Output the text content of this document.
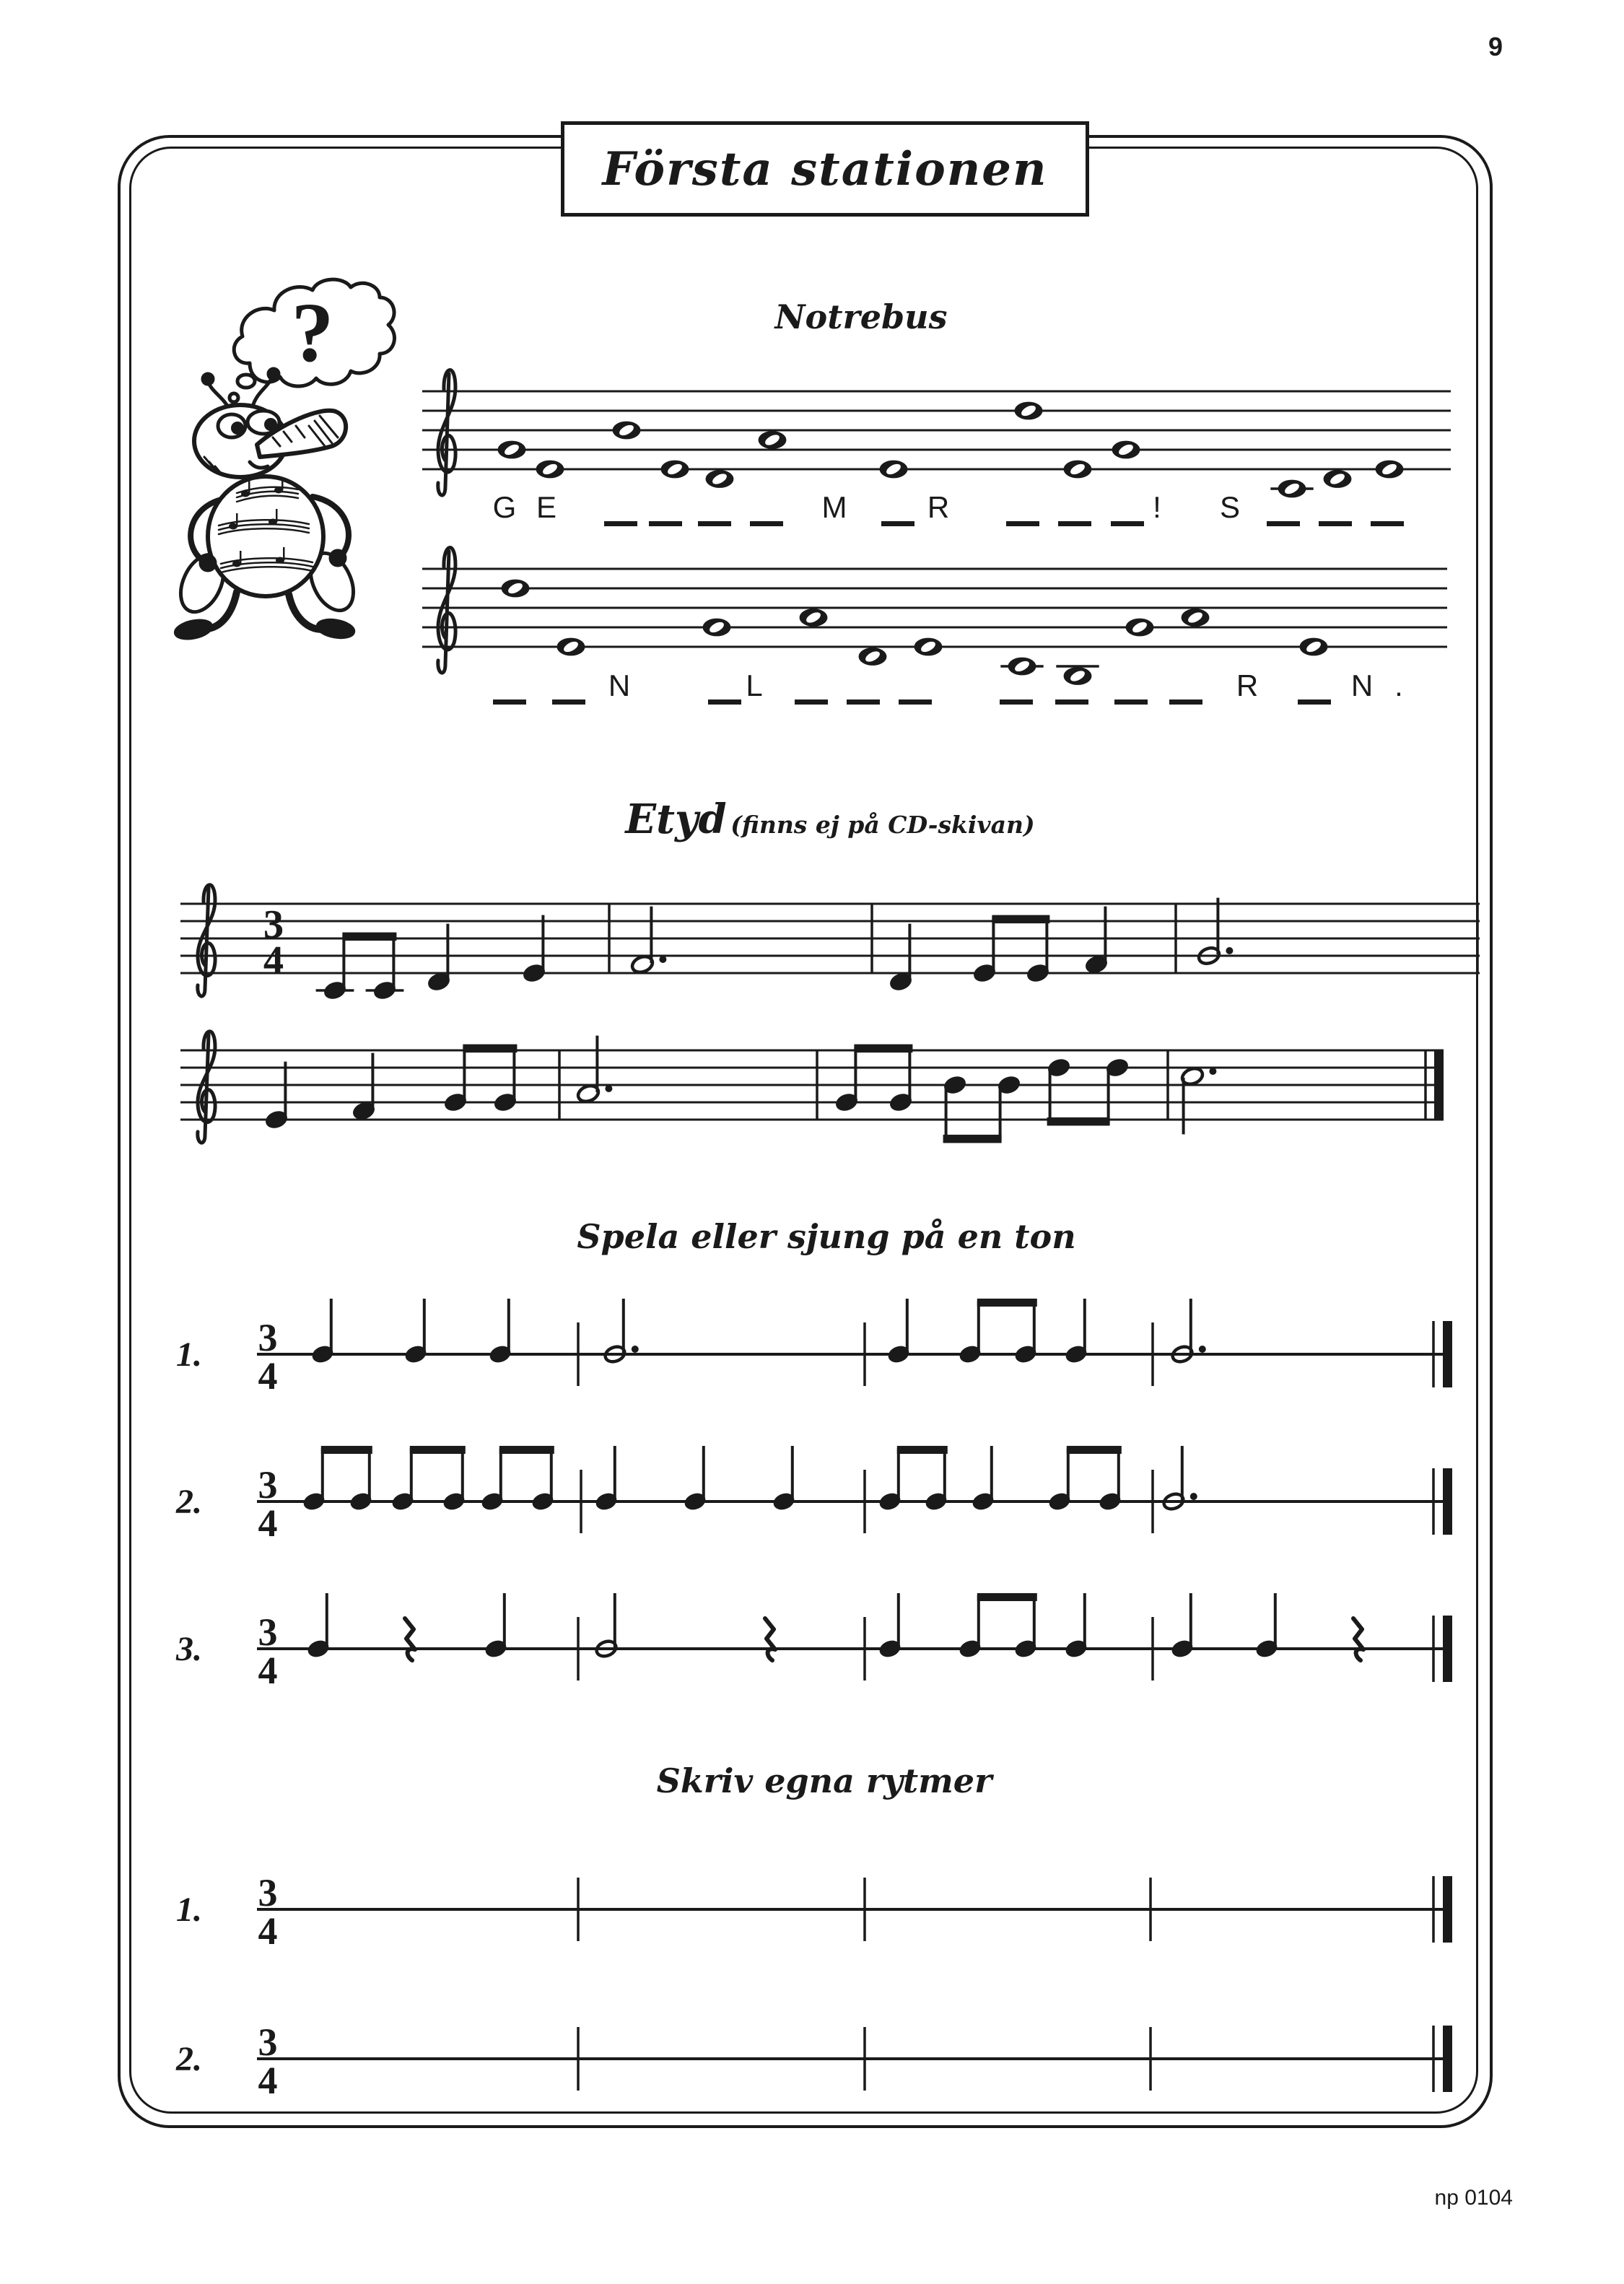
9
Första stationen
?	Notrebus
Etyd (finns ej på CD-skivan)
Spela eller sjung på en ton
Skriv egna rytmer
G E	M	R	! S
N	L	R	N .
3
4
1. 3
4
2. 3
4
3. 3
4
1. 3
4
2. 3
4
np 0104
